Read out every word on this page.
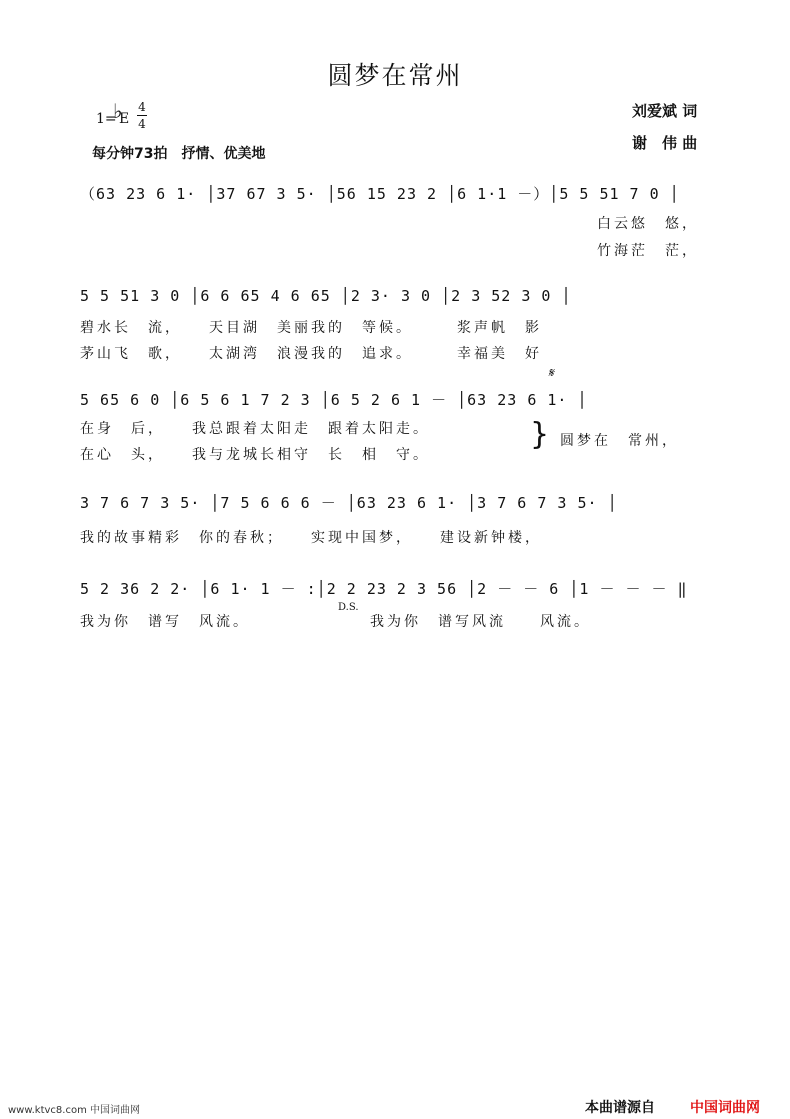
圆梦在常州
1=
♭
E
4
4
每分钟73拍　抒情、优美地
刘爱斌 词
谢　伟 曲
（63 23 6 1· │37 67 3 5· │56 15 23 2 │6 1·1 －）│5 5 51 7 0 │
白云悠　悠，
竹海茫　茫，
5 5 51 3 0 │6 6 65 4 6 65 │2 3· 3 0 │2 3 52 3 0 │
碧水长　流，　　天目湖　美丽我的　等候。　　　浆声帆　影
茅山飞　歌，　　太湖湾　浪漫我的　追求。　　　幸福美　好
𝄋
5 65 6 0 │6 5 6 1 7 2 3 │6 5 2 6 1 － │63 23 6 1· │
在身　后，　　我总跟着太阳走　跟着太阳走。
在心　头，　　我与龙城长相守　长　相　守。
} 圆梦在　常州，
3 7 6 7 3 5· │7 5 6 6 6 － │63 23 6 1· │3 7 6 7 3 5· │
我的故事精彩　你的春秋；　　实现中国梦，　　建设新钟楼，
5 2 36 2 2· │6 1· 1 － :│2 2 23 2 3 56 │2 － － 6 │1 － － － ‖
我为你　谱写　风流。　　
D.S.
我为你　谱写风流　　风流。
www.ktvc8.com 中国词曲网	本曲谱源自	中国词曲网
